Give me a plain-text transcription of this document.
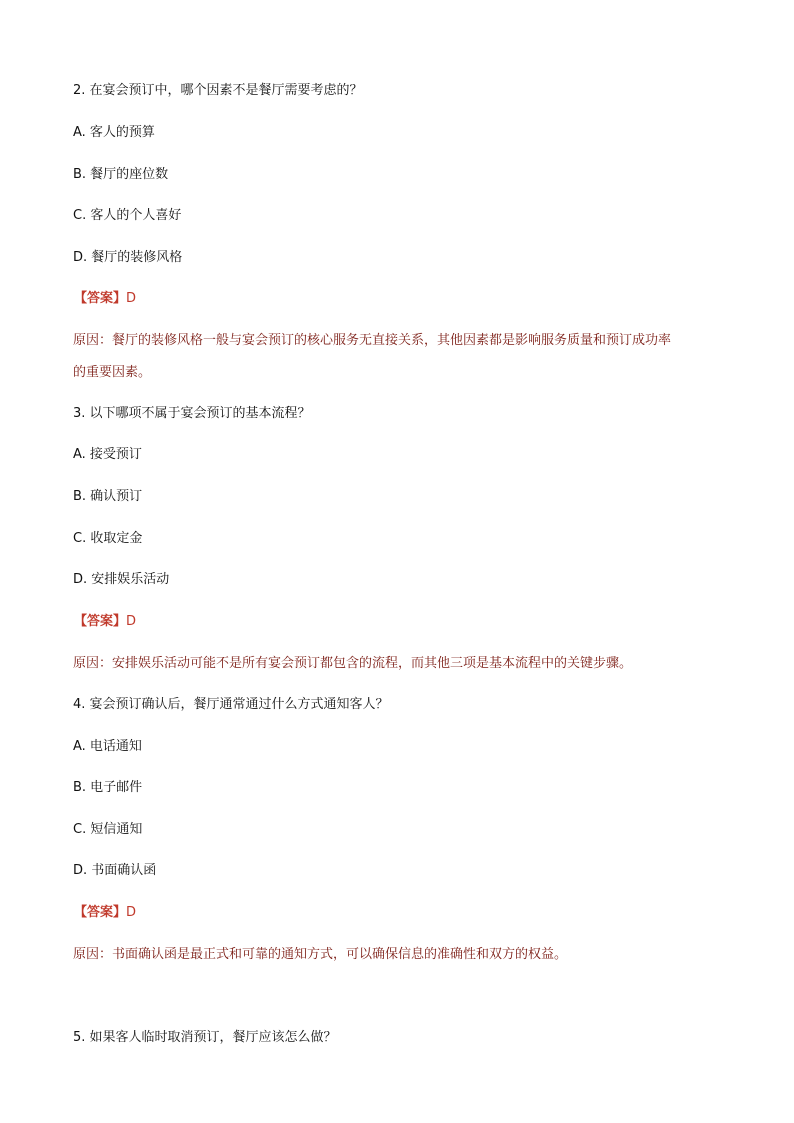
2. 在宴会预订中，哪个因素不是餐厅需要考虑的？
A. 客人的预算
B. 餐厅的座位数
C. 客人的个人喜好
D. 餐厅的装修风格
【答案】D
原因：餐厅的装修风格一般与宴会预订的核心服务无直接关系，其他因素都是影响服务质量和预订成功率
的重要因素。
3. 以下哪项不属于宴会预订的基本流程？
A. 接受预订
B. 确认预订
C. 收取定金
D. 安排娱乐活动
【答案】D
原因：安排娱乐活动可能不是所有宴会预订都包含的流程，而其他三项是基本流程中的关键步骤。
4. 宴会预订确认后，餐厅通常通过什么方式通知客人？
A. 电话通知
B. 电子邮件
C. 短信通知
D. 书面确认函
【答案】D
原因：书面确认函是最正式和可靠的通知方式，可以确保信息的准确性和双方的权益。
5. 如果客人临时取消预订，餐厅应该怎么做？
